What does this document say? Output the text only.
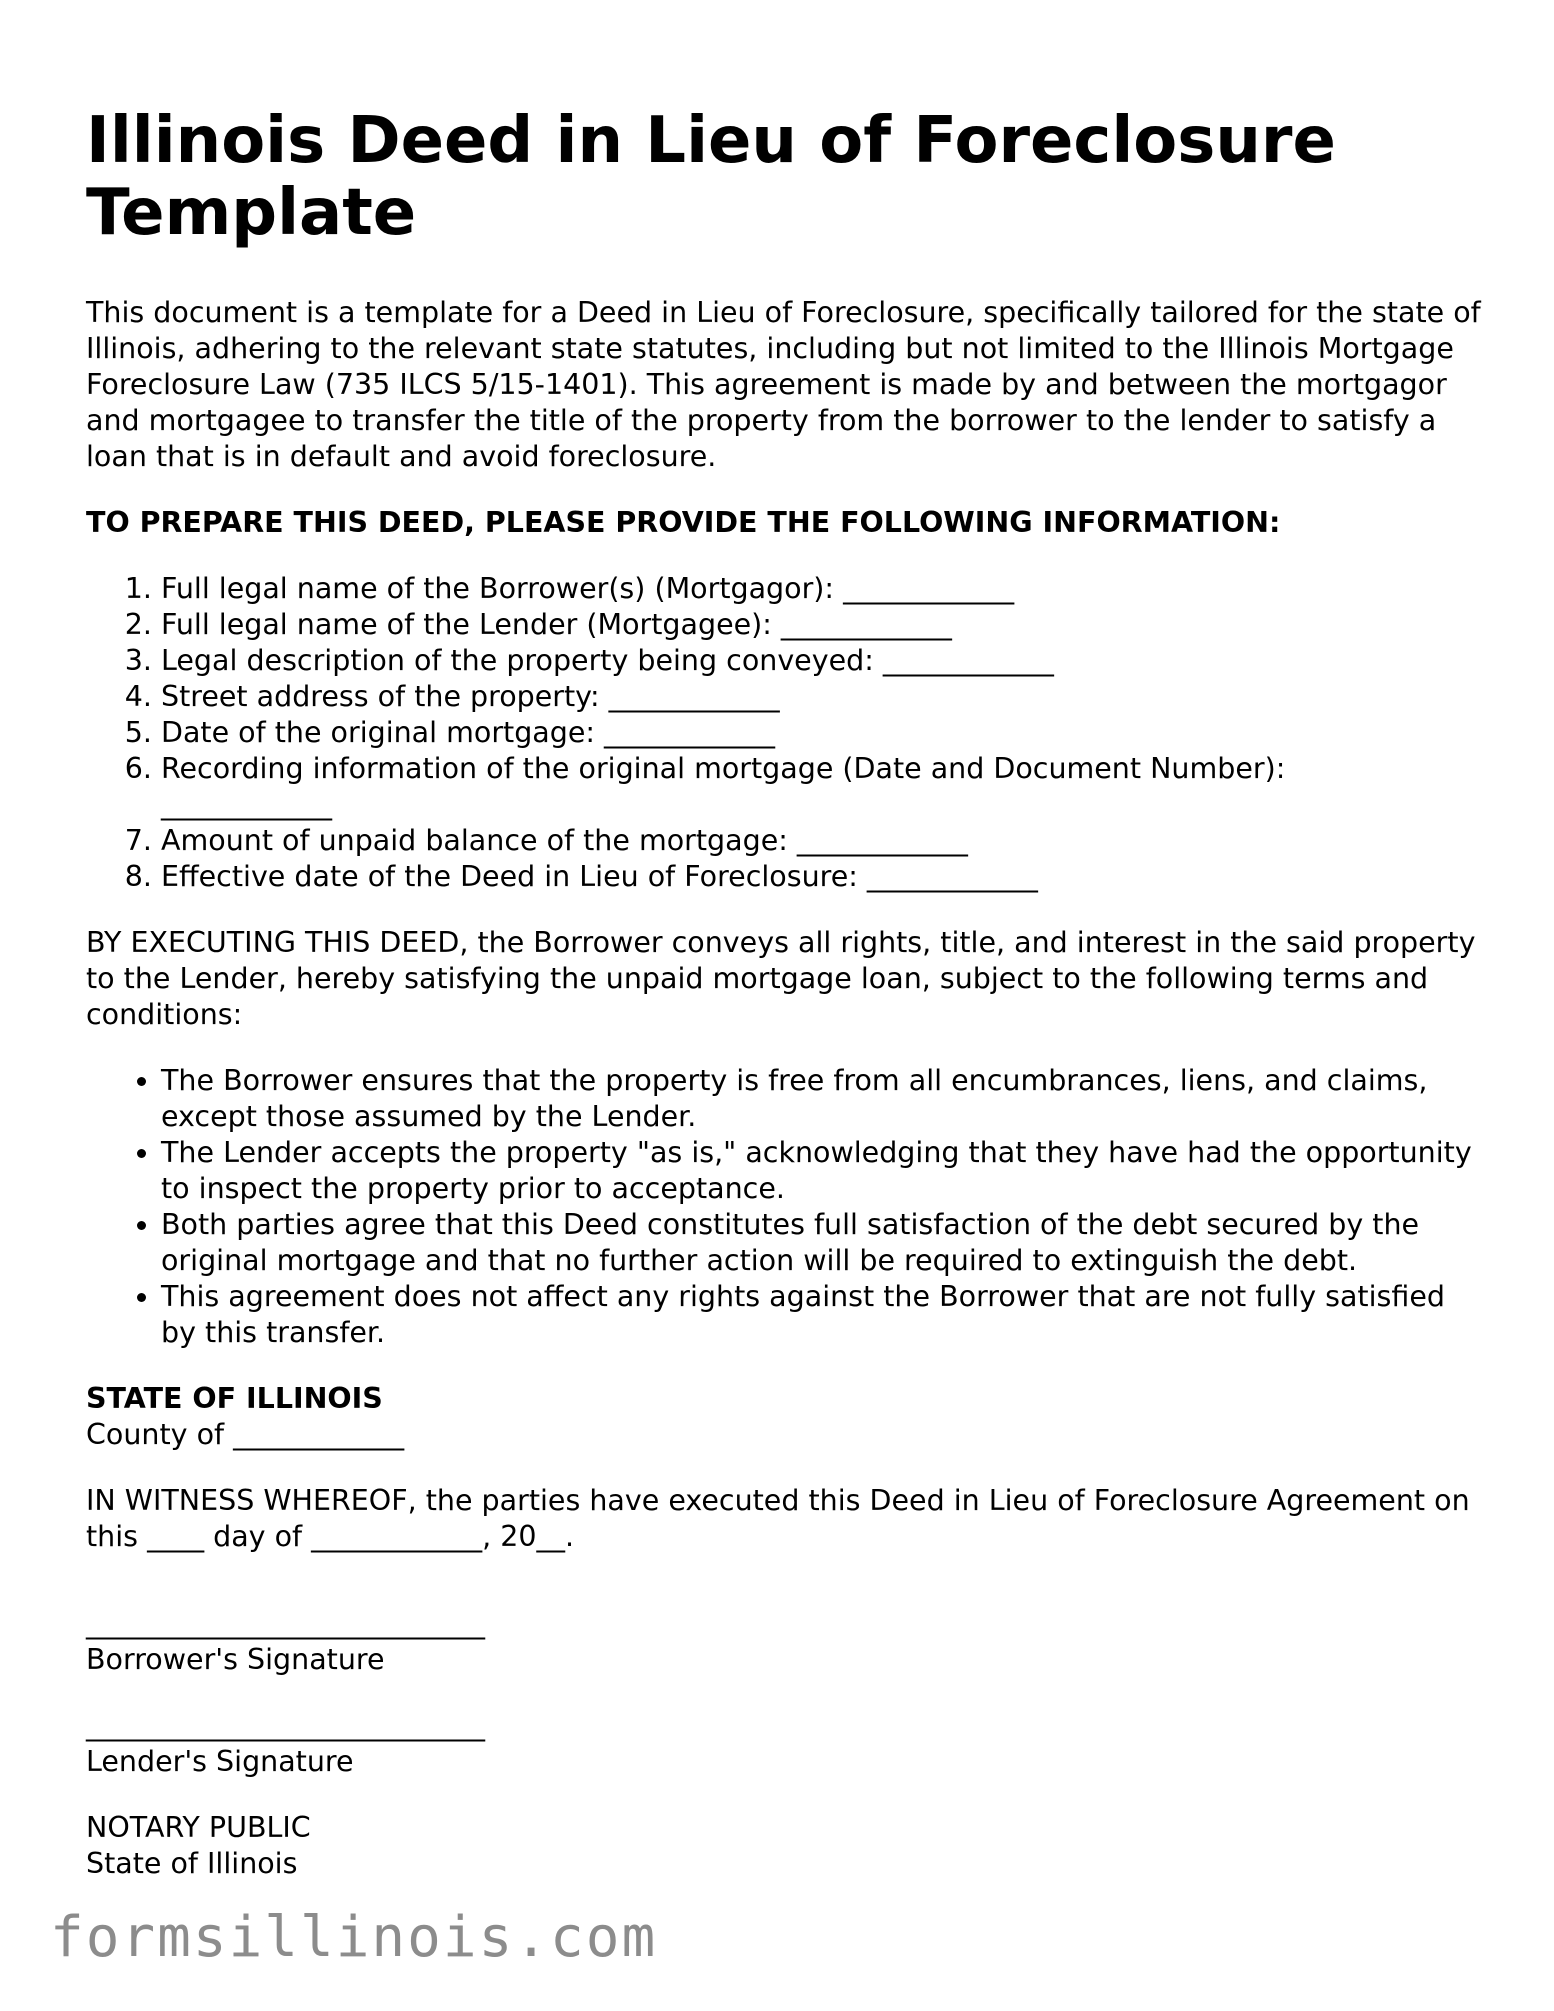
Illinois Deed in Lieu of Foreclosure Template

This document is a template for a Deed in Lieu of Foreclosure, specifically tailored for the state of Illinois, adhering to the relevant state statutes, including but not limited to the Illinois Mortgage Foreclosure Law (735 ILCS 5/15-1401). This agreement is made by and between the mortgagor and mortgagee to transfer the title of the property from the borrower to the lender to satisfy a loan that is in default and avoid foreclosure.

TO PREPARE THIS DEED, PLEASE PROVIDE THE FOLLOWING INFORMATION:

1. Full legal name of the Borrower(s) (Mortgagor): ____________
2. Full legal name of the Lender (Mortgagee): ____________
3. Legal description of the property being conveyed: ____________
4. Street address of the property: ____________
5. Date of the original mortgage: ____________
6. Recording information of the original mortgage (Date and Document Number): ____________
7. Amount of unpaid balance of the mortgage: ____________
8. Effective date of the Deed in Lieu of Foreclosure: ____________

BY EXECUTING THIS DEED, the Borrower conveys all rights, title, and interest in the said property to the Lender, hereby satisfying the unpaid mortgage loan, subject to the following terms and conditions:

• The Borrower ensures that the property is free from all encumbrances, liens, and claims, except those assumed by the Lender.
• The Lender accepts the property "as is," acknowledging that they have had the opportunity to inspect the property prior to acceptance.
• Both parties agree that this Deed constitutes full satisfaction of the debt secured by the original mortgage and that no further action will be required to extinguish the debt.
• This agreement does not affect any rights against the Borrower that are not fully satisfied by this transfer.

STATE OF ILLINOIS

County of ____________

IN WITNESS WHEREOF, the parties have executed this Deed in Lieu of Foreclosure Agreement on this ____ day of ____________, 20__.

____________________________
Borrower's Signature
____________________________
Lender's Signature

NOTARY PUBLIC

State of Illinois

formsillinois.com
